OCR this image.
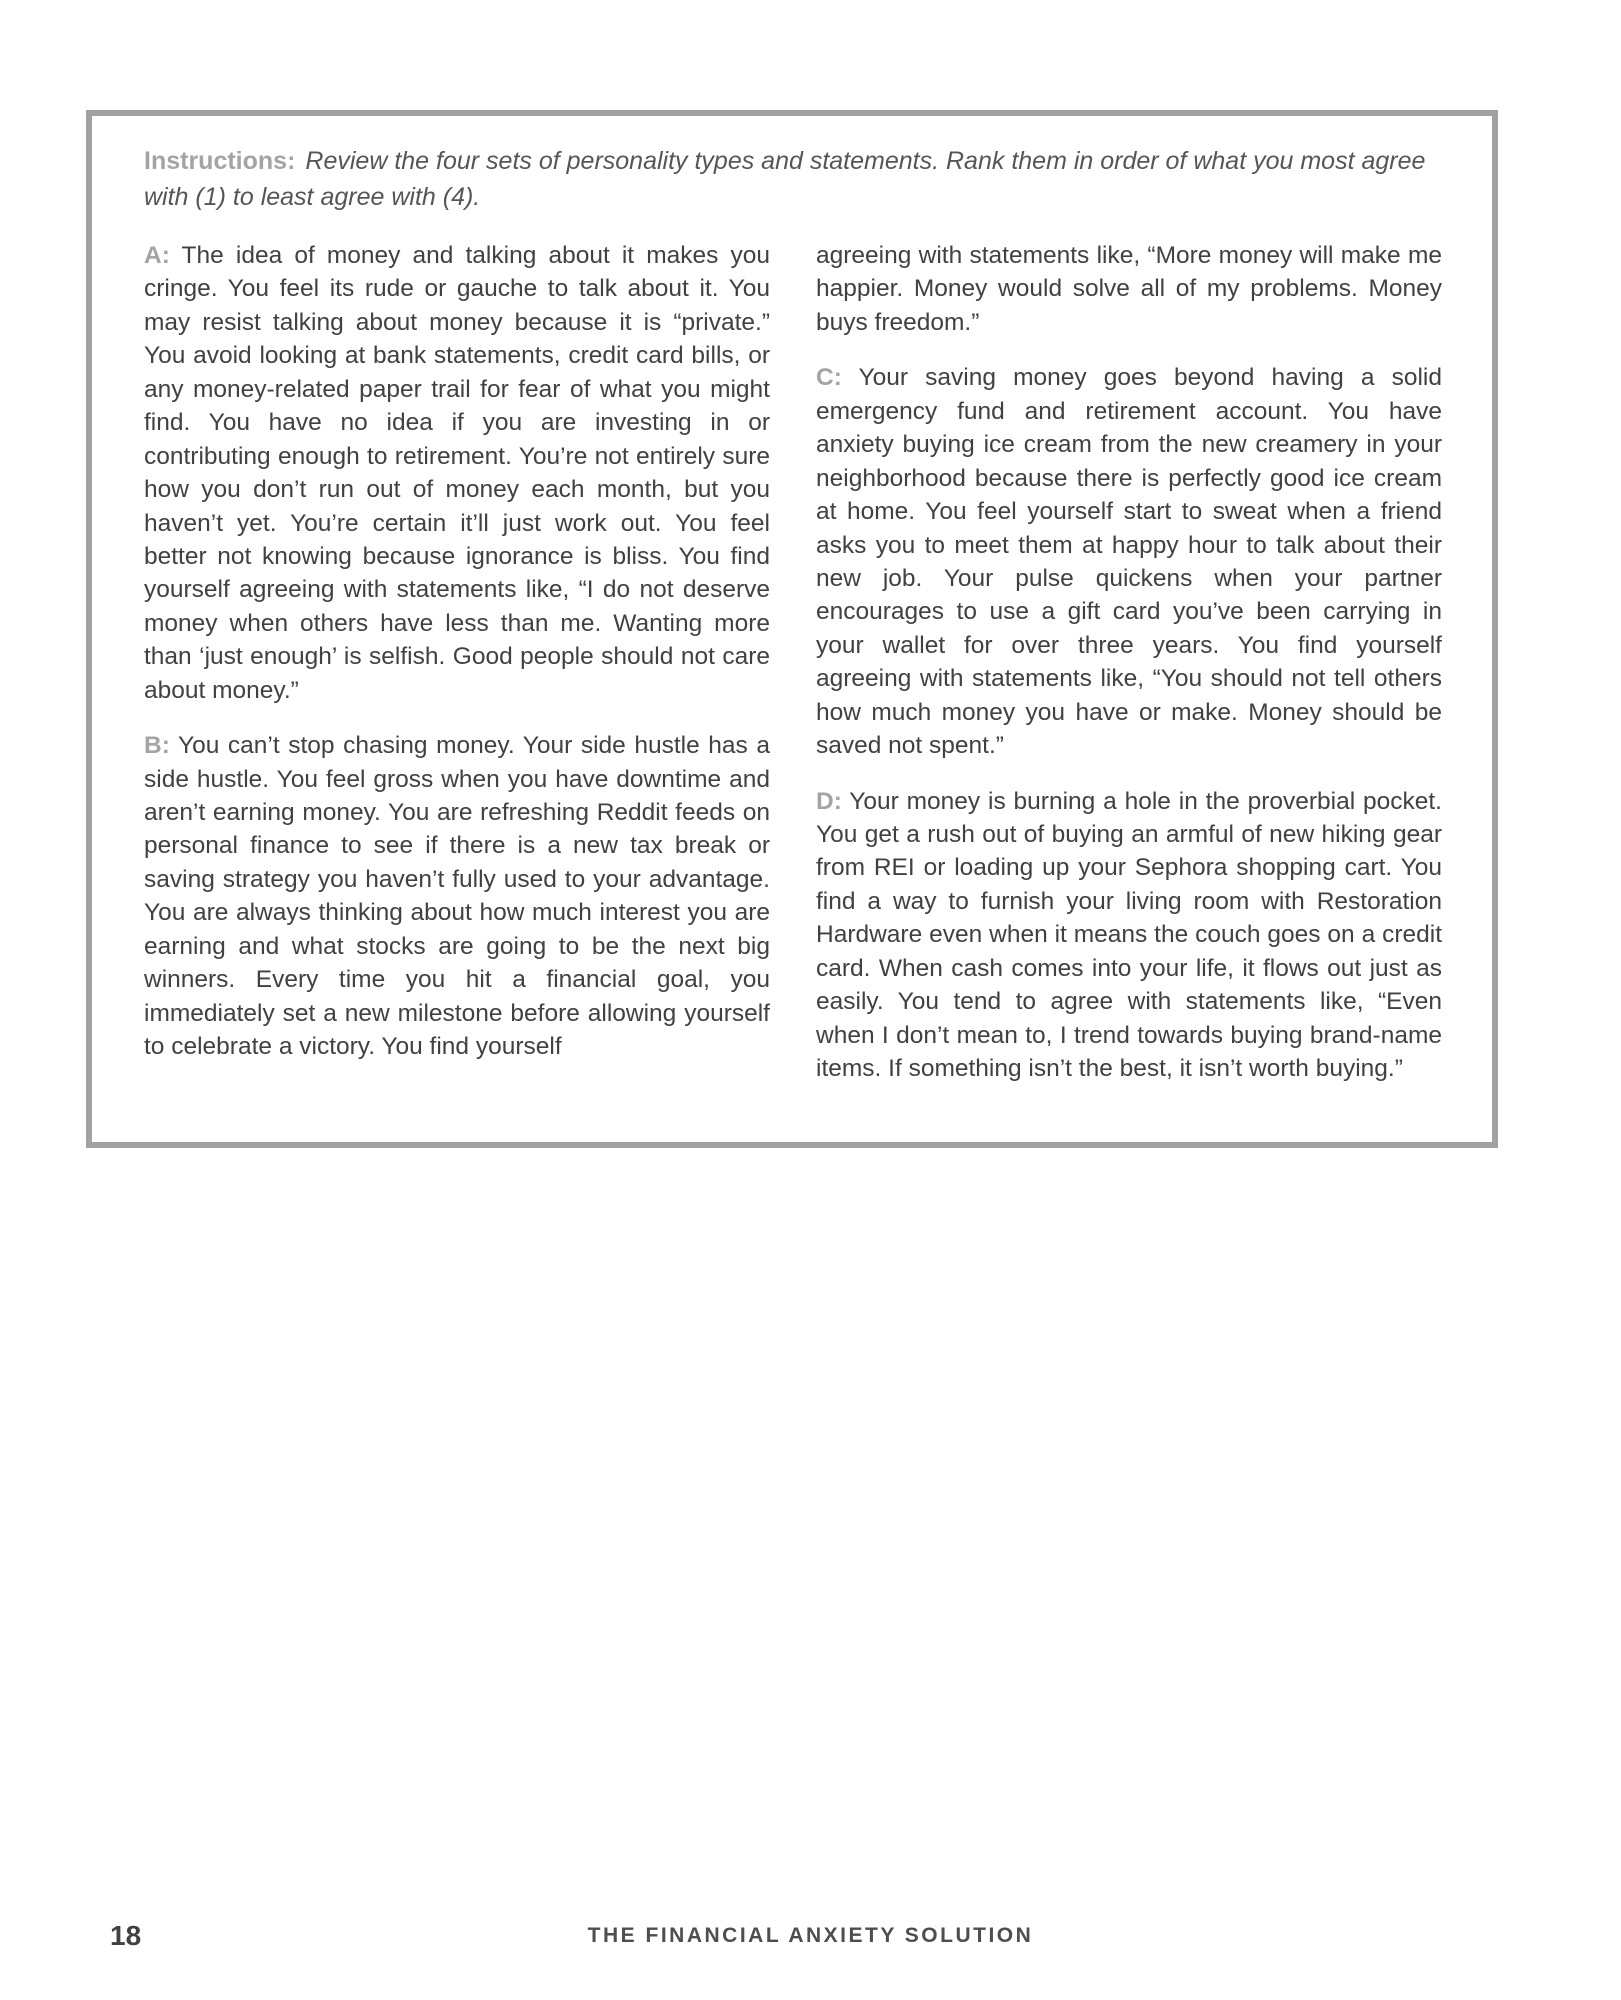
Instructions: Review the four sets of personality types and statements. Rank them in order of what you most agree with (1) to least agree with (4).

A: The idea of money and talking about it makes you cringe. You feel its rude or gauche to talk about it. You may resist talking about money because it is “private.” You avoid looking at bank statements, credit card bills, or any money-related paper trail for fear of what you might find. You have no idea if you are investing in or contributing enough to retirement. You’re not entirely sure how you don’t run out of money each month, but you haven’t yet. You’re certain it’ll just work out. You feel better not knowing because ignorance is bliss. You find yourself agreeing with statements like, “I do not deserve money when others have less than me. Wanting more than ‘just enough’ is selfish. Good people should not care about money.”

B: You can’t stop chasing money. Your side hustle has a side hustle. You feel gross when you have downtime and aren’t earning money. You are refreshing Reddit feeds on personal finance to see if there is a new tax break or saving strategy you haven’t fully used to your advantage. You are always thinking about how much interest you are earning and what stocks are going to be the next big winners. Every time you hit a financial goal, you immediately set a new milestone before allowing yourself to celebrate a victory. You find yourself

agreeing with statements like, “More money will make me happier. Money would solve all of my problems. Money buys freedom.”

C: Your saving money goes beyond having a solid emergency fund and retirement account. You have anxiety buying ice cream from the new creamery in your neighborhood because there is perfectly good ice cream at home. You feel yourself start to sweat when a friend asks you to meet them at happy hour to talk about their new job. Your pulse quickens when your partner encourages to use a gift card you’ve been carrying in your wallet for over three years. You find yourself agreeing with statements like, “You should not tell others how much money you have or make. Money should be saved not spent.”

D: Your money is burning a hole in the proverbial pocket. You get a rush out of buying an armful of new hiking gear from REI or loading up your Sephora shopping cart. You find a way to furnish your living room with Restoration Hardware even when it means the couch goes on a credit card. When cash comes into your life, it flows out just as easily. You tend to agree with statements like, “Even when I don’t mean to, I trend towards buying brand-name items. If something isn’t the best, it isn’t worth buying.”

18	THE FINANCIAL ANXIETY SOLUTION
